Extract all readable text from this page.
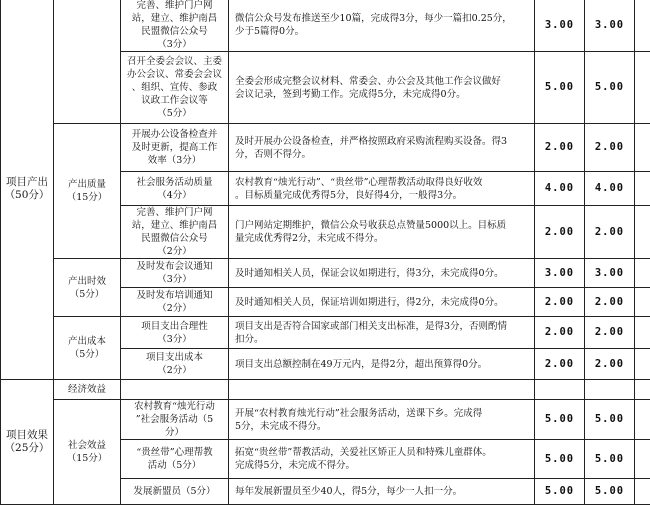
项目产出
（50分）		完善、维护门户网
站，建立、维护南昌
民盟微信公众号
（3分）	微信公众号发布推送至少10篇，完成得3分，每少一篇扣0.25分，
少于5篇得0分。	3.00	3.00	
		召开全委会会议、主委
办公会议、常委会会议
、组织、宣传、参政
议政工作会议等
（5分）	全委会形成完整会议材料、常委会、办公会及其他工作会议做好
会议记录，签到考勤工作。完成得5分，未完成得0分。	5.00	5.00	
	产出质量
（15分）	开展办公设备检查并
及时更新，提高工作
效率（3分）	及时开展办公设备检查，并严格按照政府采购流程购买设备。得3
分，否则不得分。	2.00	2.00	
		社会服务活动质量
（4分）	农村教育“烛光行动”、“贵丝带”心理帮教活动取得良好收效
。目标质量完成优秀得5分，良好得4分，一般得3分。	4.00	4.00	
		完善、维护门户网
站，建立、维护南昌
民盟微信公众号
（2分）	门户网站定期维护，微信公众号收获总点赞量5000以上。目标质
量完成优秀得2分，未完成不得分。	2.00	2.00	
	产出时效
（5分）	及时发布会议通知
（3分）	及时通知相关人员，保证会议如期进行，得3分，未完成得0分。	3.00	3.00	
		及时发布培训通知
（2分）	及时通知相关人员，保证培训如期进行，得2分，未完成得0分。	2.00	2.00	
	产出成本
（5分）	项目支出合理性
（3分）	项目支出是否符合国家或部门相关支出标准，是得3分，否则酌情
扣分。	2.00	2.00	
		项目支出成本
（2分）	项目支出总额控制在49万元内，是得2分，超出预算得0分。	2.00	2.00	
项目效果
（25分）	经济效益					
	社会效益
（15分）	农村教育“烛光行动
”社会服务活动（5
分）	开展“农村教育烛光行动”社会服务活动，送课下乡。完成得
5分，未完成不得分。	5.00	5.00	
		“贵丝带”心理帮教
活动（5分）	拓宽“贵丝带”帮教活动，关爱社区矫正人员和特殊儿童群体。
完成得5分，未完成不得分。	5.00	5.00	
		发展新盟员（5分）	每年发展新盟员至少40人，得5分，每少一人扣一分。	5.00	5.00	
